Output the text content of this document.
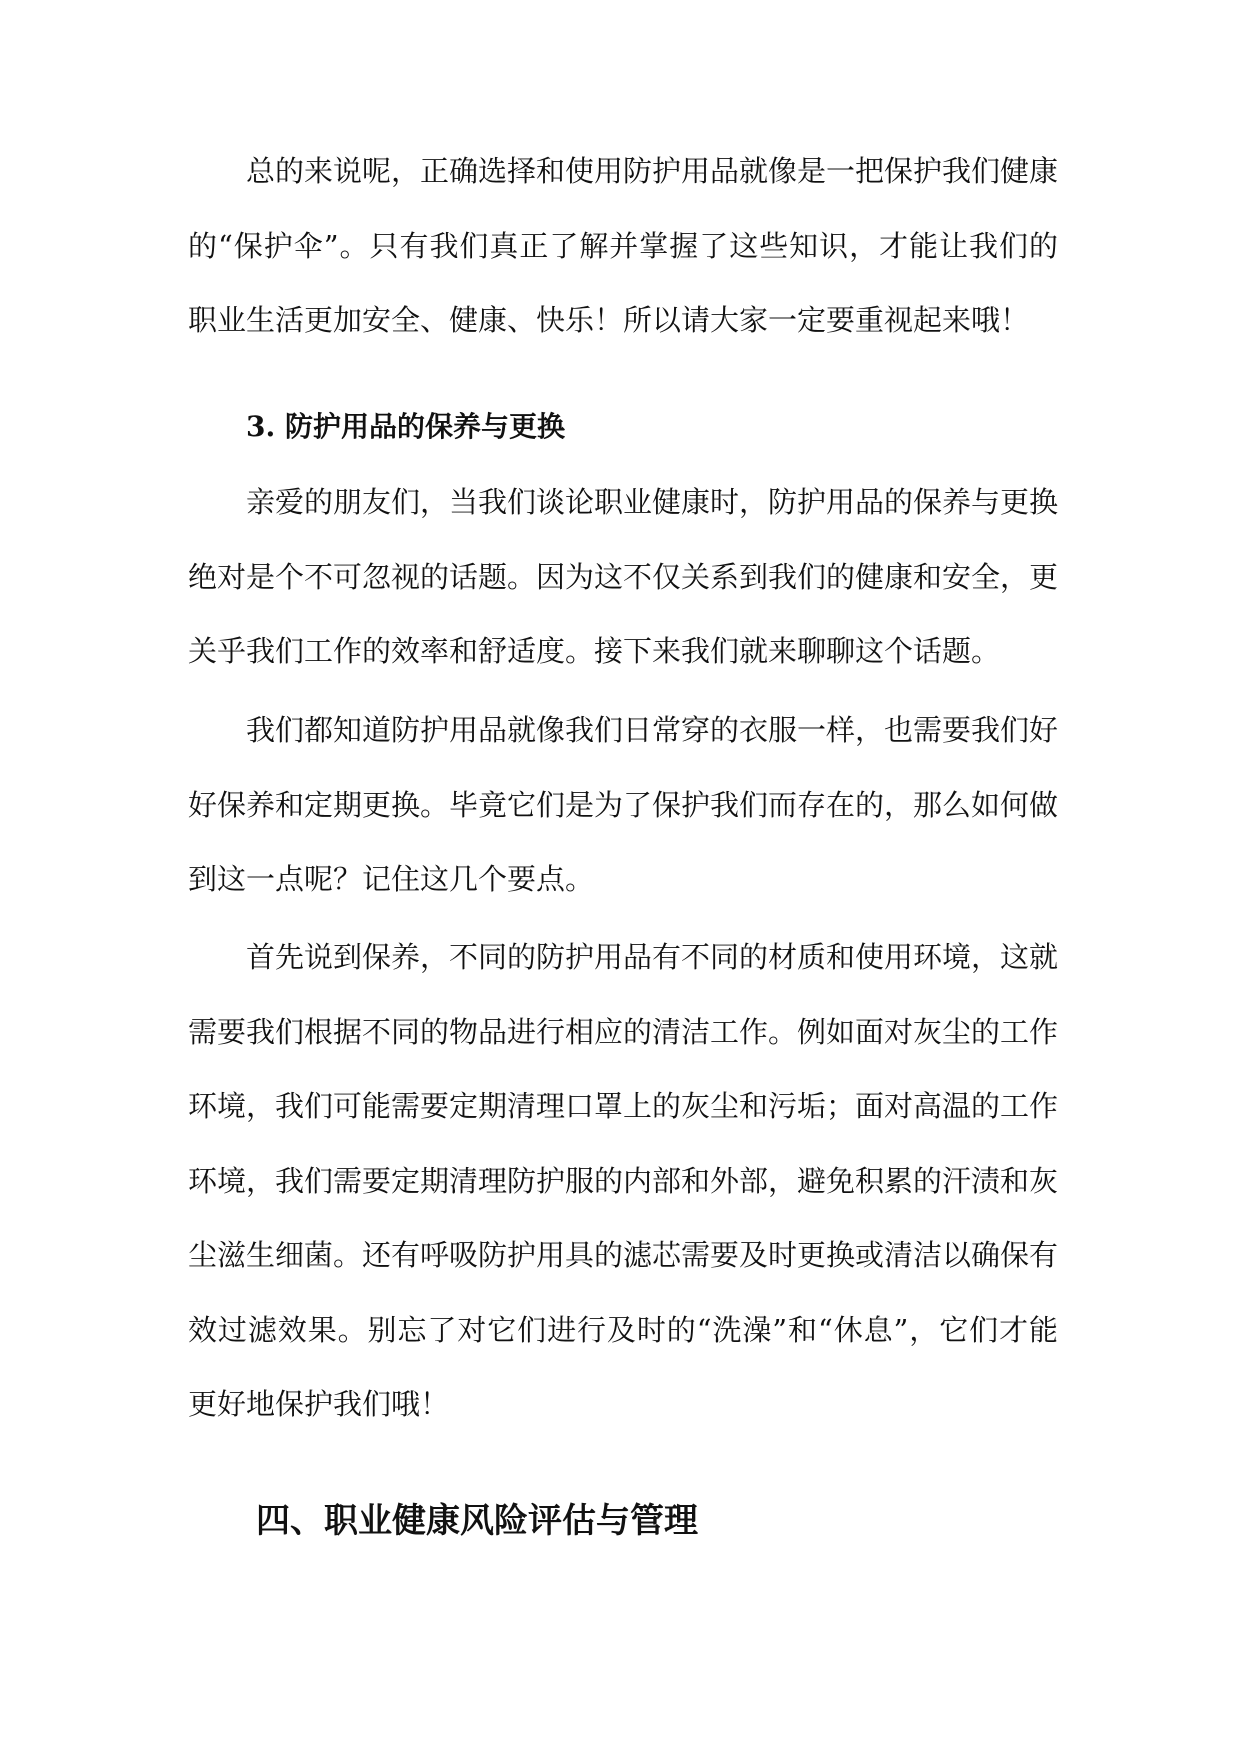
总的来说呢，正确选择和使用防护用品就像是一把保护我们健康的“保护伞”。只有我们真正了解并掌握了这些知识，才能让我们的职业生活更加安全、健康、快乐！所以请大家一定要重视起来哦！

3. 防护用品的保养与更换

亲爱的朋友们，当我们谈论职业健康时，防护用品的保养与更换绝对是个不可忽视的话题。因为这不仅关系到我们的健康和安全，更关乎我们工作的效率和舒适度。接下来我们就来聊聊这个话题。

我们都知道防护用品就像我们日常穿的衣服一样，也需要我们好好保养和定期更换。毕竟它们是为了保护我们而存在的，那么如何做到这一点呢？记住这几个要点。

首先说到保养，不同的防护用品有不同的材质和使用环境，这就需要我们根据不同的物品进行相应的清洁工作。例如面对灰尘的工作环境，我们可能需要定期清理口罩上的灰尘和污垢；面对高温的工作环境，我们需要定期清理防护服的内部和外部，避免积累的汗渍和灰尘滋生细菌。还有呼吸防护用具的滤芯需要及时更换或清洁以确保有效过滤效果。别忘了对它们进行及时的“洗澡”和“休息”，它们才能更好地保护我们哦！

四、职业健康风险评估与管理
